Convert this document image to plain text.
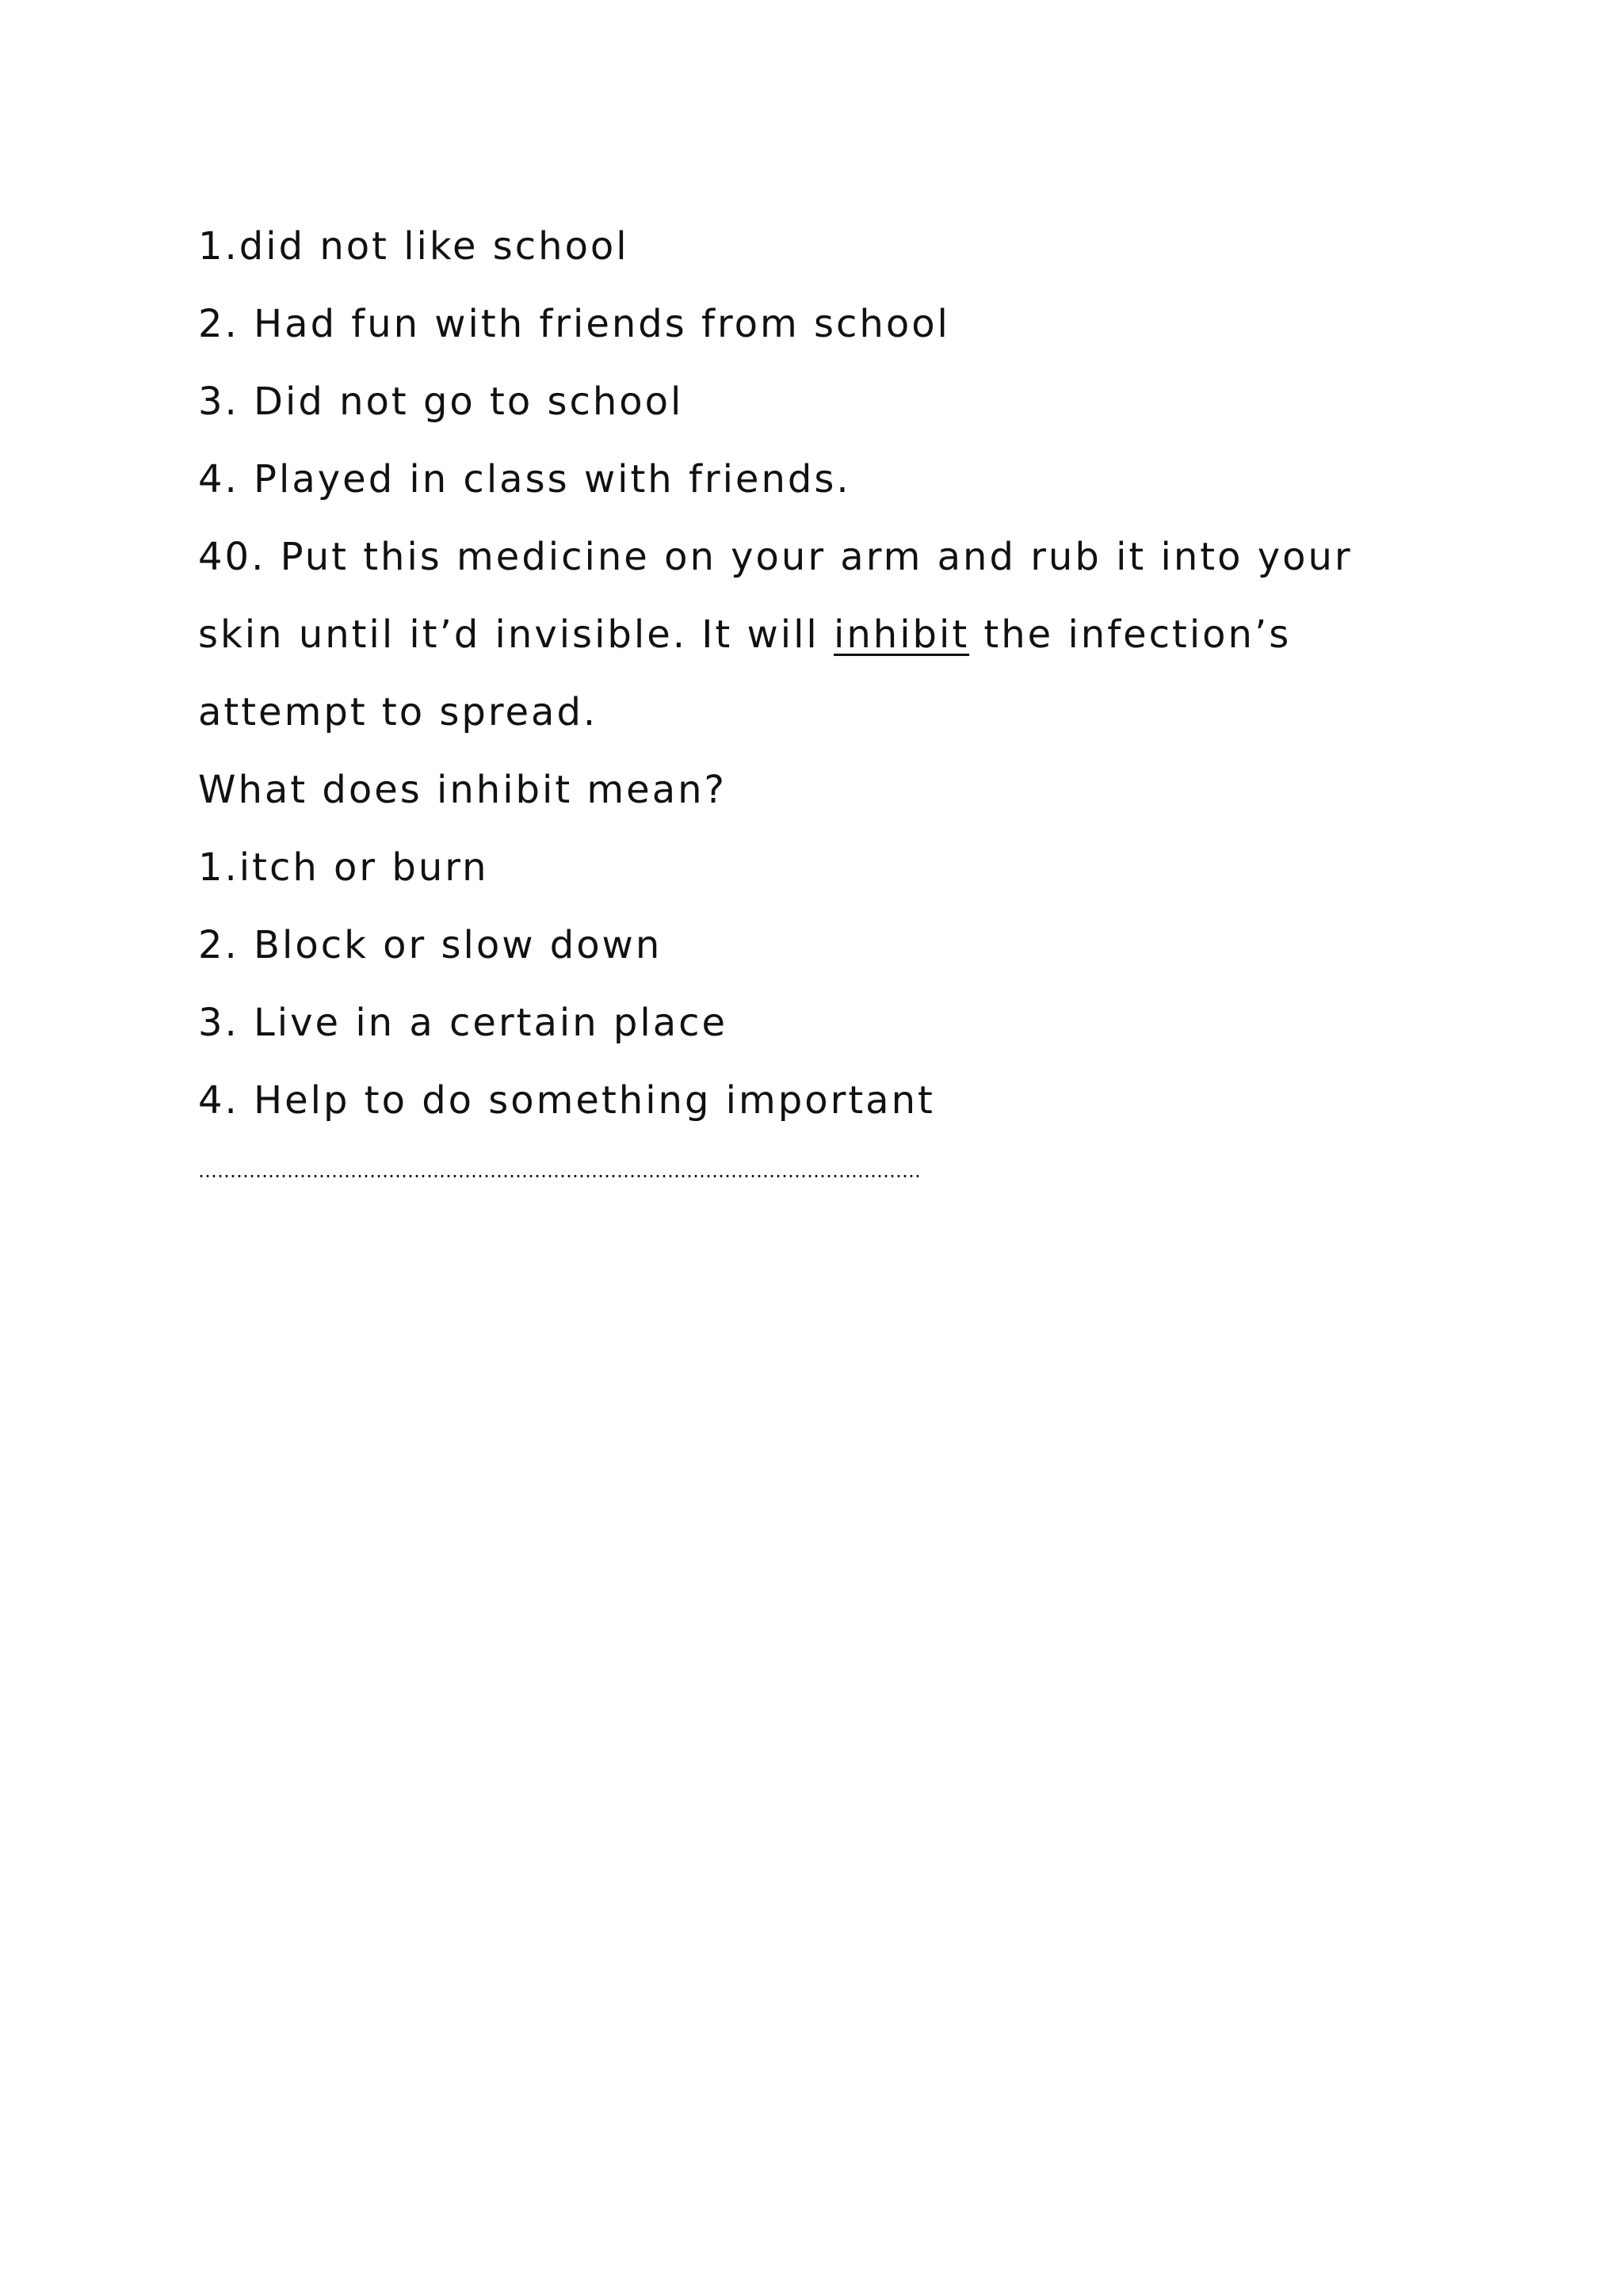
1.did not like school

2. Had fun with friends from school

3. Did not go to school

4. Played in class with friends.

40. Put this medicine on your arm and rub it into your

skin until it’d invisible. It will inhibit the infection’s

attempt to spread.

What does inhibit mean?

1.itch or burn

2. Block or slow down

3. Live in a certain place

4. Help to do something important

……………………………………………………………………………………………………
